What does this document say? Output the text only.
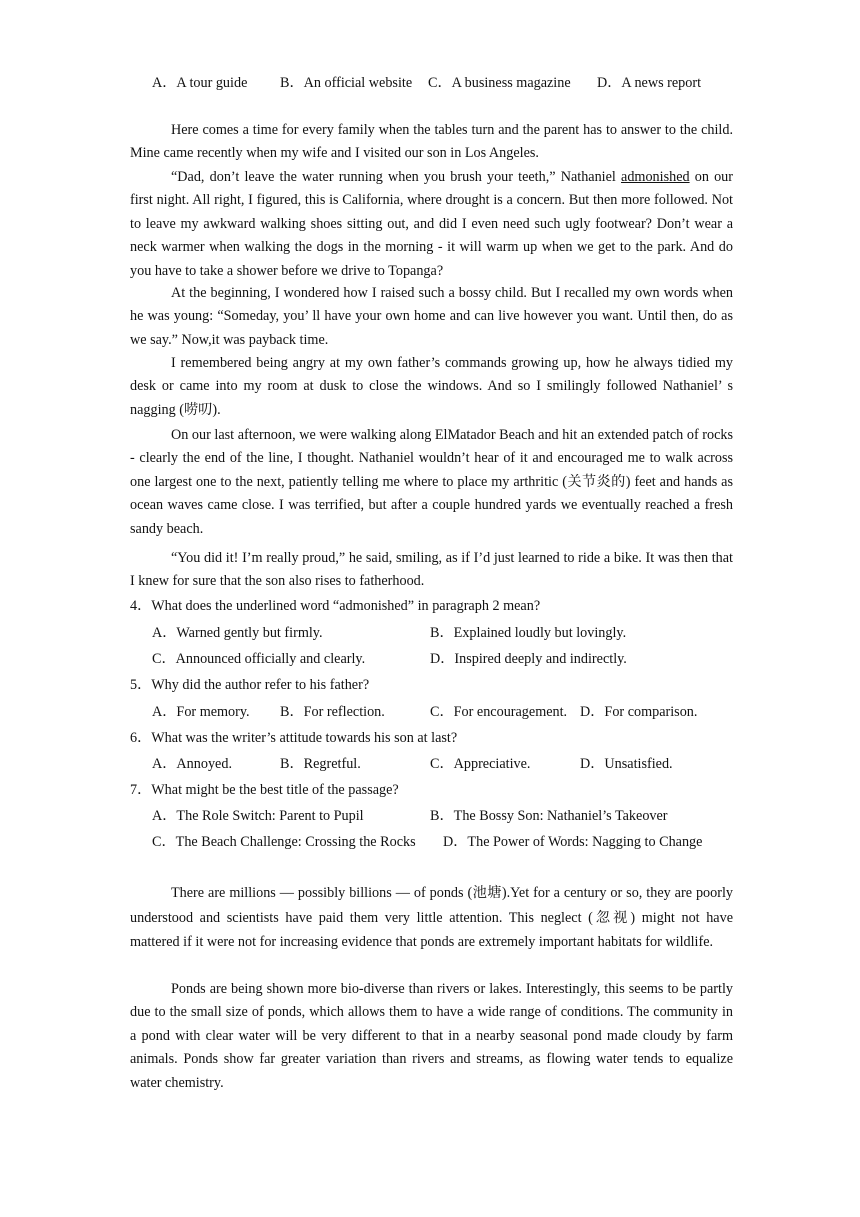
A．A tour guide B．An official website C．A business magazine D．A news report
Here comes a time for every family when the tables turn and the parent has to answer to the child. Mine came recently when my wife and I visited our son in Los Angeles.
“Dad, don’t leave the water running when you brush your teeth,” Nathaniel admonished on our first night. All right, I figured, this is California, where drought is a concern. But then more followed. Not to leave my awkward walking shoes sitting out, and did I even need such ugly footwear? Don’t wear a neck warmer when walking the dogs in the morning - it will warm up when we get to the park. And do you have to take a shower before we drive to Topanga?
At the beginning, I wondered how I raised such a bossy child. But I recalled my own words when he was young: “Someday, you’ ll have your own home and can live however you want. Until then, do as we say.” Now,it was payback time.
I remembered being angry at my own father’s commands growing up, how he always tidied my desk or came into my room at dusk to close the windows. And so I smilingly followed Nathaniel’ s nagging (唠叨).
On our last afternoon, we were walking along ElMatador Beach and hit an extended patch of rocks - clearly the end of the line, I thought. Nathaniel wouldn’t hear of it and encouraged me to walk across one largest one to the next, patiently telling me where to place my arthritic (关节炎的) feet and hands as ocean waves came close. I was terrified, but after a couple hundred yards we eventually reached a fresh sandy beach.
“You did it! I’m really proud,” he said, smiling, as if I’d just learned to ride a bike. It was then that I knew for sure that the son also rises to fatherhood.
4．What does the underlined word “admonished” in paragraph 2 mean?
A．Warned gently but firmly.	B．Explained loudly but lovingly.
C．Announced officially and clearly.	D．Inspired deeply and indirectly.
5．Why did the author refer to his father?
A．For memory. B．For reflection.	C．For encouragement. D．For comparison.
6．What was the writer’s attitude towards his son at last?
A．Annoyed.	B．Regretful.	C．Appreciative.	D．Unsatisfied.
7．What might be the best title of the passage?
A．The Role Switch: Parent to Pupil	B．The Bossy Son: Nathaniel’s Takeover
C．The Beach Challenge: Crossing the Rocks D．The Power of Words: Nagging to Change
There are millions — possibly billions — of ponds (池塘).Yet for a century or so, they are poorly understood and scientists have paid them very little attention. This neglect (忽视) might not have mattered if it were not for increasing evidence that ponds are extremely important habitats for wildlife.
Ponds are being shown more bio-diverse than rivers or lakes. Interestingly, this seems to be partly due to the small size of ponds, which allows them to have a wide range of conditions. The community in a pond with clear water will be very different to that in a nearby seasonal pond made cloudy by farm animals. Ponds show far greater variation than rivers and streams, as flowing water tends to equalize water chemistry.
